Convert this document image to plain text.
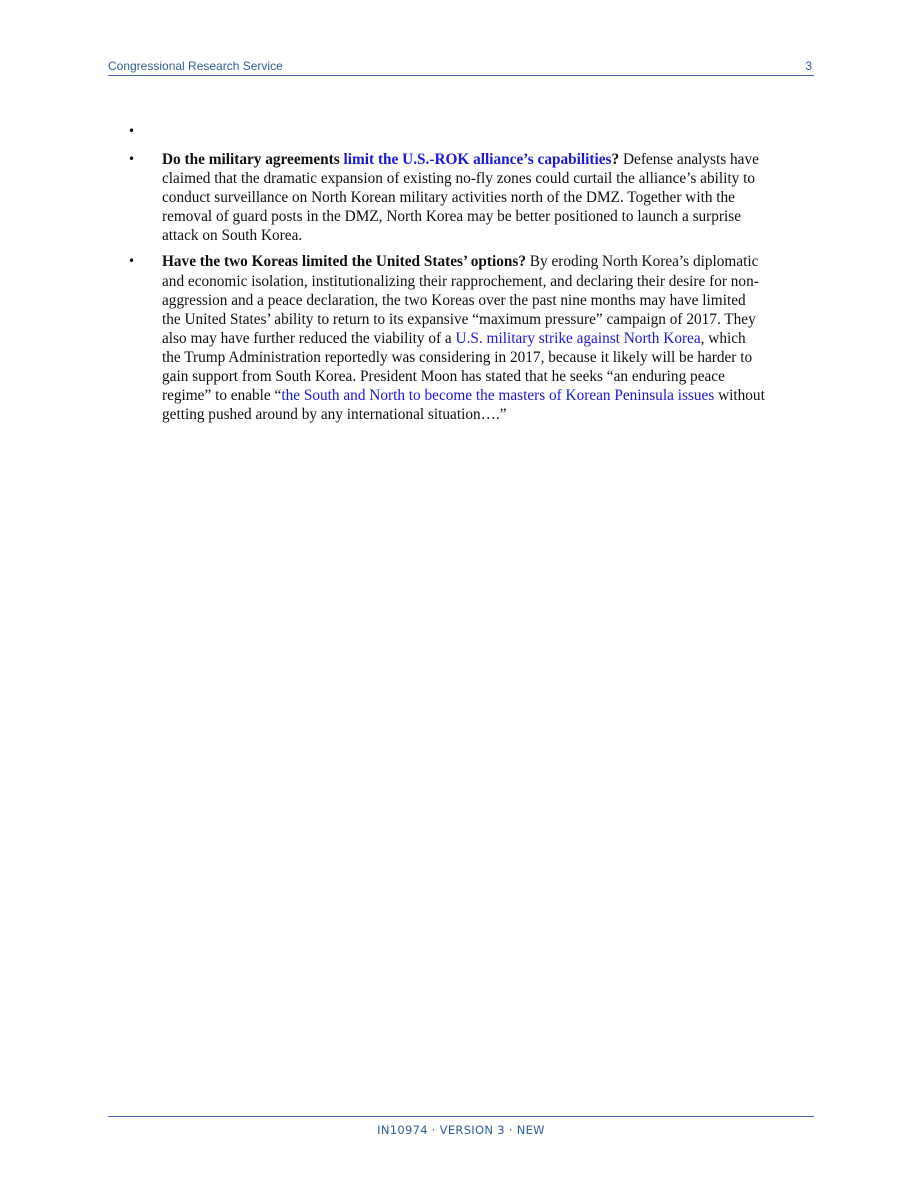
Congressional Research Service	3
•
• Do the military agreements limit the U.S.-ROK alliance’s capabilities? Defense analysts have claimed that the dramatic expansion of existing no-fly zones could curtail the alliance’s ability to conduct surveillance on North Korean military activities north of the DMZ. Together with the removal of guard posts in the DMZ, North Korea may be better positioned to launch a surprise attack on South Korea.
• Have the two Koreas limited the United States’ options? By eroding North Korea’s diplomatic and economic isolation, institutionalizing their rapprochement, and declaring their desire for non-aggression and a peace declaration, the two Koreas over the past nine months may have limited the United States’ ability to return to its expansive “maximum pressure” campaign of 2017. They also may have further reduced the viability of a U.S. military strike against North Korea, which the Trump Administration reportedly was considering in 2017, because it likely will be harder to gain support from South Korea. President Moon has stated that he seeks “an enduring peace regime” to enable “the South and North to become the masters of Korean Peninsula issues without getting pushed around by any international situation….”
IN10974 · VERSION 3 · NEW
